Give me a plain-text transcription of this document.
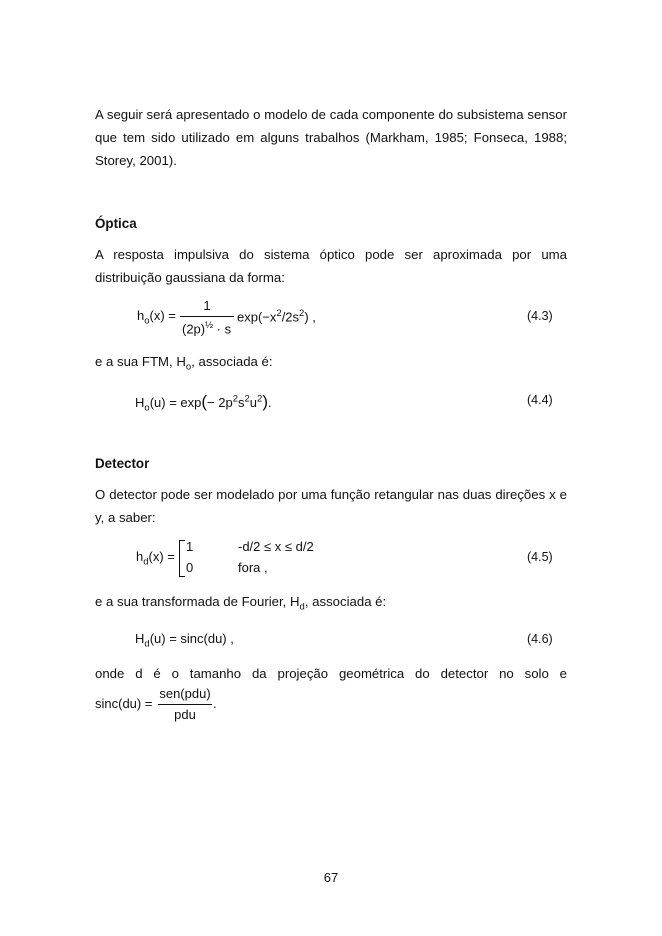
A seguir será apresentado o modelo de cada componente do subsistema sensor que tem sido utilizado em alguns trabalhos (Markham, 1985; Fonseca, 1988; Storey, 2001).
Óptica
A resposta impulsiva do sistema óptico pode ser aproximada por uma distribuição gaussiana da forma:
$h_o(x)$ =
1
$(2p)^{\frac{1}{2}} \cdot s$
$\exp(-x^2/2s^2)$ ,	(4.3)
e a sua FTM, $H_o$, associada é:
$H_o(u) = \exp(- 2p^2s^2u^2)$.	(4.4)
Detector
O detector pode ser modelado por uma função retangular nas duas direções x e y, a saber:
$h_d(x)$ =
1	-d/2 ≤ x ≤ d/2
0	fora ,
(4.5)
e a sua transformada de Fourier, $H_d$, associada é:
$H_d(u) = \sin c(du)$ ,	(4.6)
onde d é o tamanho da projeção geométrica do detector no solo e
sinc(du) =
sen(pdu)
pdu
.
67
